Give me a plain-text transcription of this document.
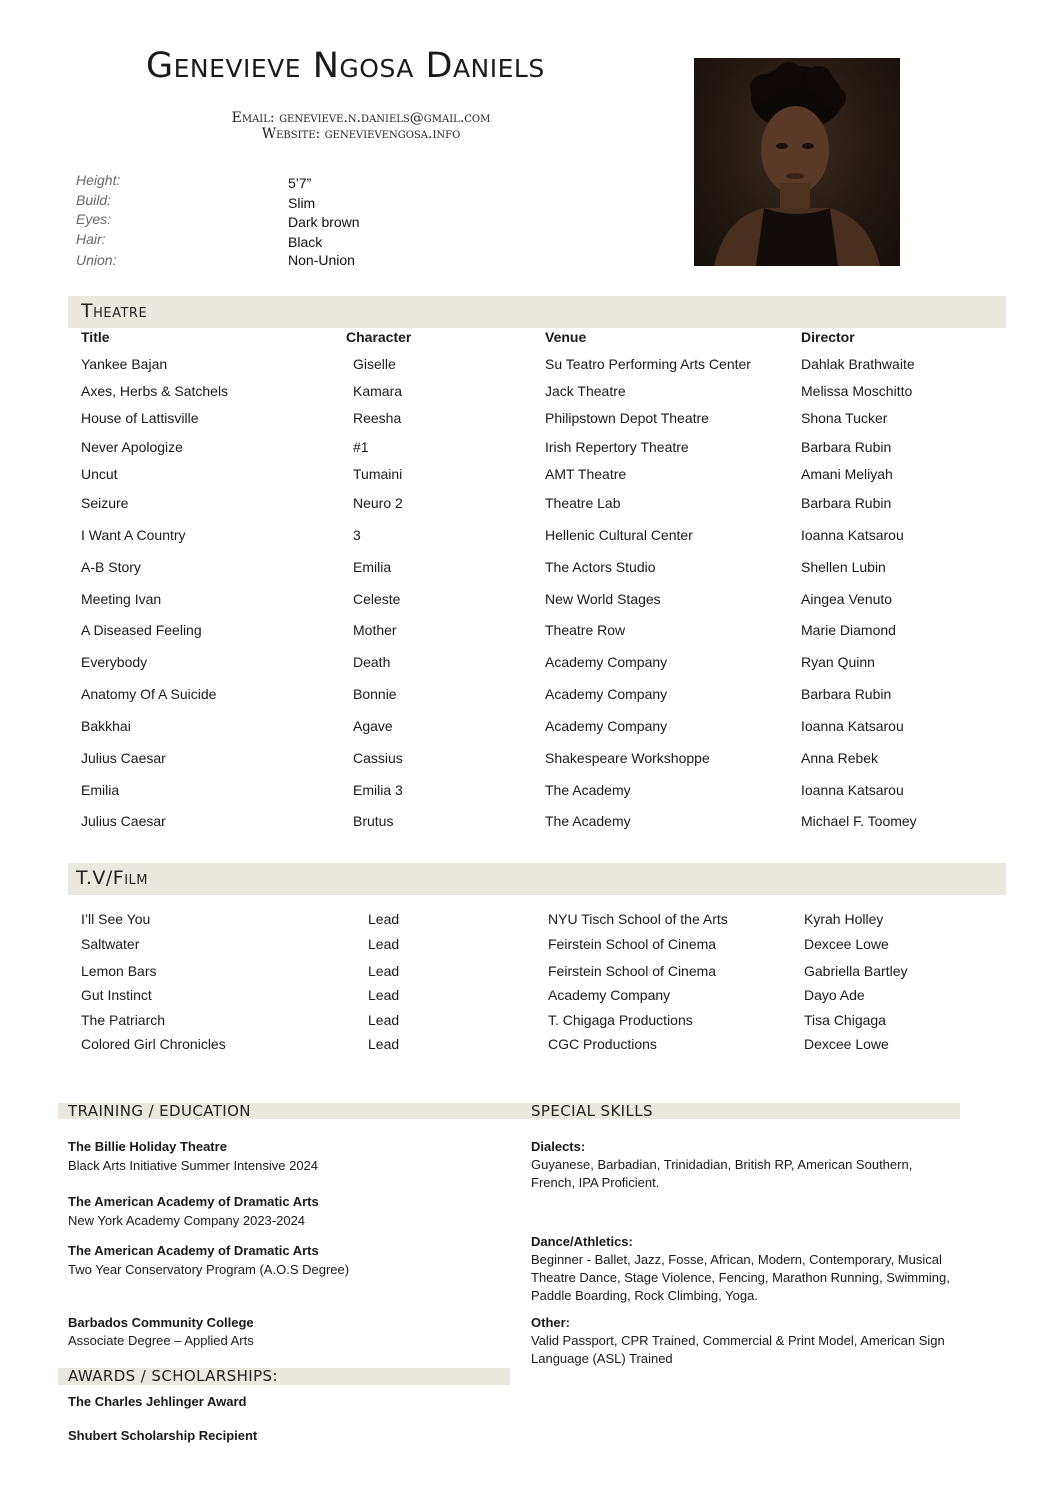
Genevieve Ngosa Daniels
Email: genevieve.n.daniels@gmail.com
Website: genevievengosa.info
Height:	5’7”
Build:	Slim
Eyes:	Dark brown
Hair:	Black
Union:	Non-Union
Theatre
Title	Character	Venue	Director
Yankee Bajan	Giselle	Su Teatro Performing Arts Center	Dahlak Brathwaite
Axes, Herbs & Satchels	Kamara	Jack Theatre	Melissa Moschitto
House of Lattisville	Reesha	Philipstown Depot Theatre	Shona Tucker
Never Apologize	#1	Irish Repertory Theatre	Barbara Rubin
Uncut	Tumaini	AMT Theatre	Amani Meliyah
Seizure	Neuro 2	Theatre Lab	Barbara Rubin
I Want A Country	3	Hellenic Cultural Center	Ioanna Katsarou
A-B Story	Emilia	The Actors Studio	Shellen Lubin
Meeting Ivan	Celeste	New World Stages	Aingea Venuto
A Diseased Feeling	Mother	Theatre Row	Marie Diamond
Everybody	Death	Academy Company	Ryan Quinn
Anatomy Of A Suicide	Bonnie	Academy Company	Barbara Rubin
Bakkhai	Agave	Academy Company	Ioanna Katsarou
Julius Caesar	Cassius	Shakespeare Workshoppe	Anna Rebek
Emilia	Emilia 3	The Academy	Ioanna Katsarou
Julius Caesar	Brutus	The Academy	Michael F. Toomey
T.V/Film
I’ll See You	Lead	NYU Tisch School of the Arts	Kyrah Holley
Saltwater	Lead	Feirstein School of Cinema	Dexcee Lowe
Lemon Bars	Lead	Feirstein School of Cinema	Gabriella Bartley
Gut Instinct	Lead	Academy Company	Dayo Ade
The Patriarch	Lead	T. Chigaga Productions	Tisa Chigaga
Colored Girl Chronicles	Lead	CGC Productions	Dexcee Lowe
TRAINING / EDUCATION	SPECIAL SKILLS
The Billie Holiday Theatre
Black Arts Initiative Summer Intensive 2024
The American Academy of Dramatic Arts
New York Academy Company 2023-2024
The American Academy of Dramatic Arts
Two Year Conservatory Program (A.O.S Degree)
Barbados Community College
Associate Degree – Applied Arts
Dialects:
Guyanese, Barbadian, Trinidadian, British RP, American Southern, French, IPA Proficient.
Dance/Athletics:
Beginner - Ballet, Jazz, Fosse, African, Modern, Contemporary, Musical Theatre Dance, Stage Violence, Fencing, Marathon Running, Swimming, Paddle Boarding, Rock Climbing, Yoga.
Other:
Valid Passport, CPR Trained, Commercial & Print Model, American Sign Language (ASL) Trained
AWARDS / SCHOLARSHIPS:
The Charles Jehlinger Award
Shubert Scholarship Recipient
